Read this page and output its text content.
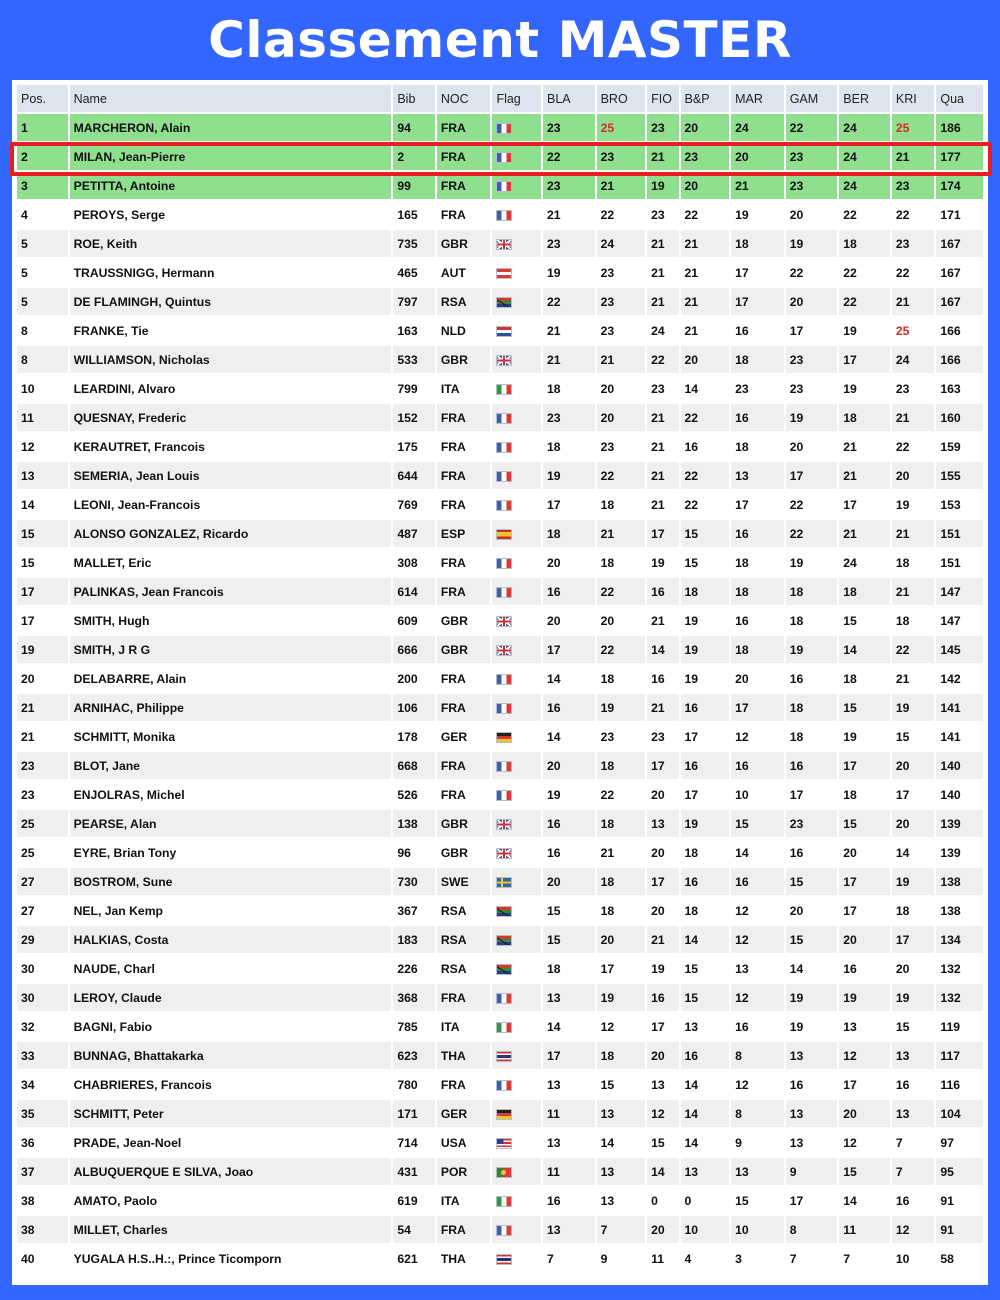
Classement MASTER
Pos.	Name	Bib	NOC	Flag	BLA	BRO	FIO	B&P	MAR	GAM	BER	KRI	Qua
1	MARCHERON, Alain	94	FRA		23	25	23	20	24	22	24	25	186
2	MILAN, Jean-Pierre	2	FRA		22	23	21	23	20	23	24	21	177
3	PETITTA, Antoine	99	FRA		23	21	19	20	21	23	24	23	174
4	PEROYS, Serge	165	FRA		21	22	23	22	19	20	22	22	171
5	ROE, Keith	735	GBR		23	24	21	21	18	19	18	23	167
5	TRAUSSNIGG, Hermann	465	AUT		19	23	21	21	17	22	22	22	167
5	DE FLAMINGH, Quintus	797	RSA		22	23	21	21	17	20	22	21	167
8	FRANKE, Tie	163	NLD		21	23	24	21	16	17	19	25	166
8	WILLIAMSON, Nicholas	533	GBR		21	21	22	20	18	23	17	24	166
10	LEARDINI, Alvaro	799	ITA		18	20	23	14	23	23	19	23	163
11	QUESNAY, Frederic	152	FRA		23	20	21	22	16	19	18	21	160
12	KERAUTRET, Francois	175	FRA		18	23	21	16	18	20	21	22	159
13	SEMERIA, Jean Louis	644	FRA		19	22	21	22	13	17	21	20	155
14	LEONI, Jean-Francois	769	FRA		17	18	21	22	17	22	17	19	153
15	ALONSO GONZALEZ, Ricardo	487	ESP		18	21	17	15	16	22	21	21	151
15	MALLET, Eric	308	FRA		20	18	19	15	18	19	24	18	151
17	PALINKAS, Jean Francois	614	FRA		16	22	16	18	18	18	18	21	147
17	SMITH, Hugh	609	GBR		20	20	21	19	16	18	15	18	147
19	SMITH, J R G	666	GBR		17	22	14	19	18	19	14	22	145
20	DELABARRE, Alain	200	FRA		14	18	16	19	20	16	18	21	142
21	ARNIHAC, Philippe	106	FRA		16	19	21	16	17	18	15	19	141
21	SCHMITT, Monika	178	GER		14	23	23	17	12	18	19	15	141
23	BLOT, Jane	668	FRA		20	18	17	16	16	16	17	20	140
23	ENJOLRAS, Michel	526	FRA		19	22	20	17	10	17	18	17	140
25	PEARSE, Alan	138	GBR		16	18	13	19	15	23	15	20	139
25	EYRE, Brian Tony	96	GBR		16	21	20	18	14	16	20	14	139
27	BOSTROM, Sune	730	SWE		20	18	17	16	16	15	17	19	138
27	NEL, Jan Kemp	367	RSA		15	18	20	18	12	20	17	18	138
29	HALKIAS, Costa	183	RSA		15	20	21	14	12	15	20	17	134
30	NAUDE, Charl	226	RSA		18	17	19	15	13	14	16	20	132
30	LEROY, Claude	368	FRA		13	19	16	15	12	19	19	19	132
32	BAGNI, Fabio	785	ITA		14	12	17	13	16	19	13	15	119
33	BUNNAG, Bhattakarka	623	THA		17	18	20	16	8	13	12	13	117
34	CHABRIERES, Francois	780	FRA		13	15	13	14	12	16	17	16	116
35	SCHMITT, Peter	171	GER		11	13	12	14	8	13	20	13	104
36	PRADE, Jean-Noel	714	USA		13	14	15	14	9	13	12	7	97
37	ALBUQUERQUE E SILVA, Joao	431	POR		11	13	14	13	13	9	15	7	95
38	AMATO, Paolo	619	ITA		16	13	0	0	15	17	14	16	91
38	MILLET, Charles	54	FRA		13	7	20	10	10	8	11	12	91
40	YUGALA H.S..H.:, Prince Ticomporn	621	THA		7	9	11	4	3	7	7	10	58
